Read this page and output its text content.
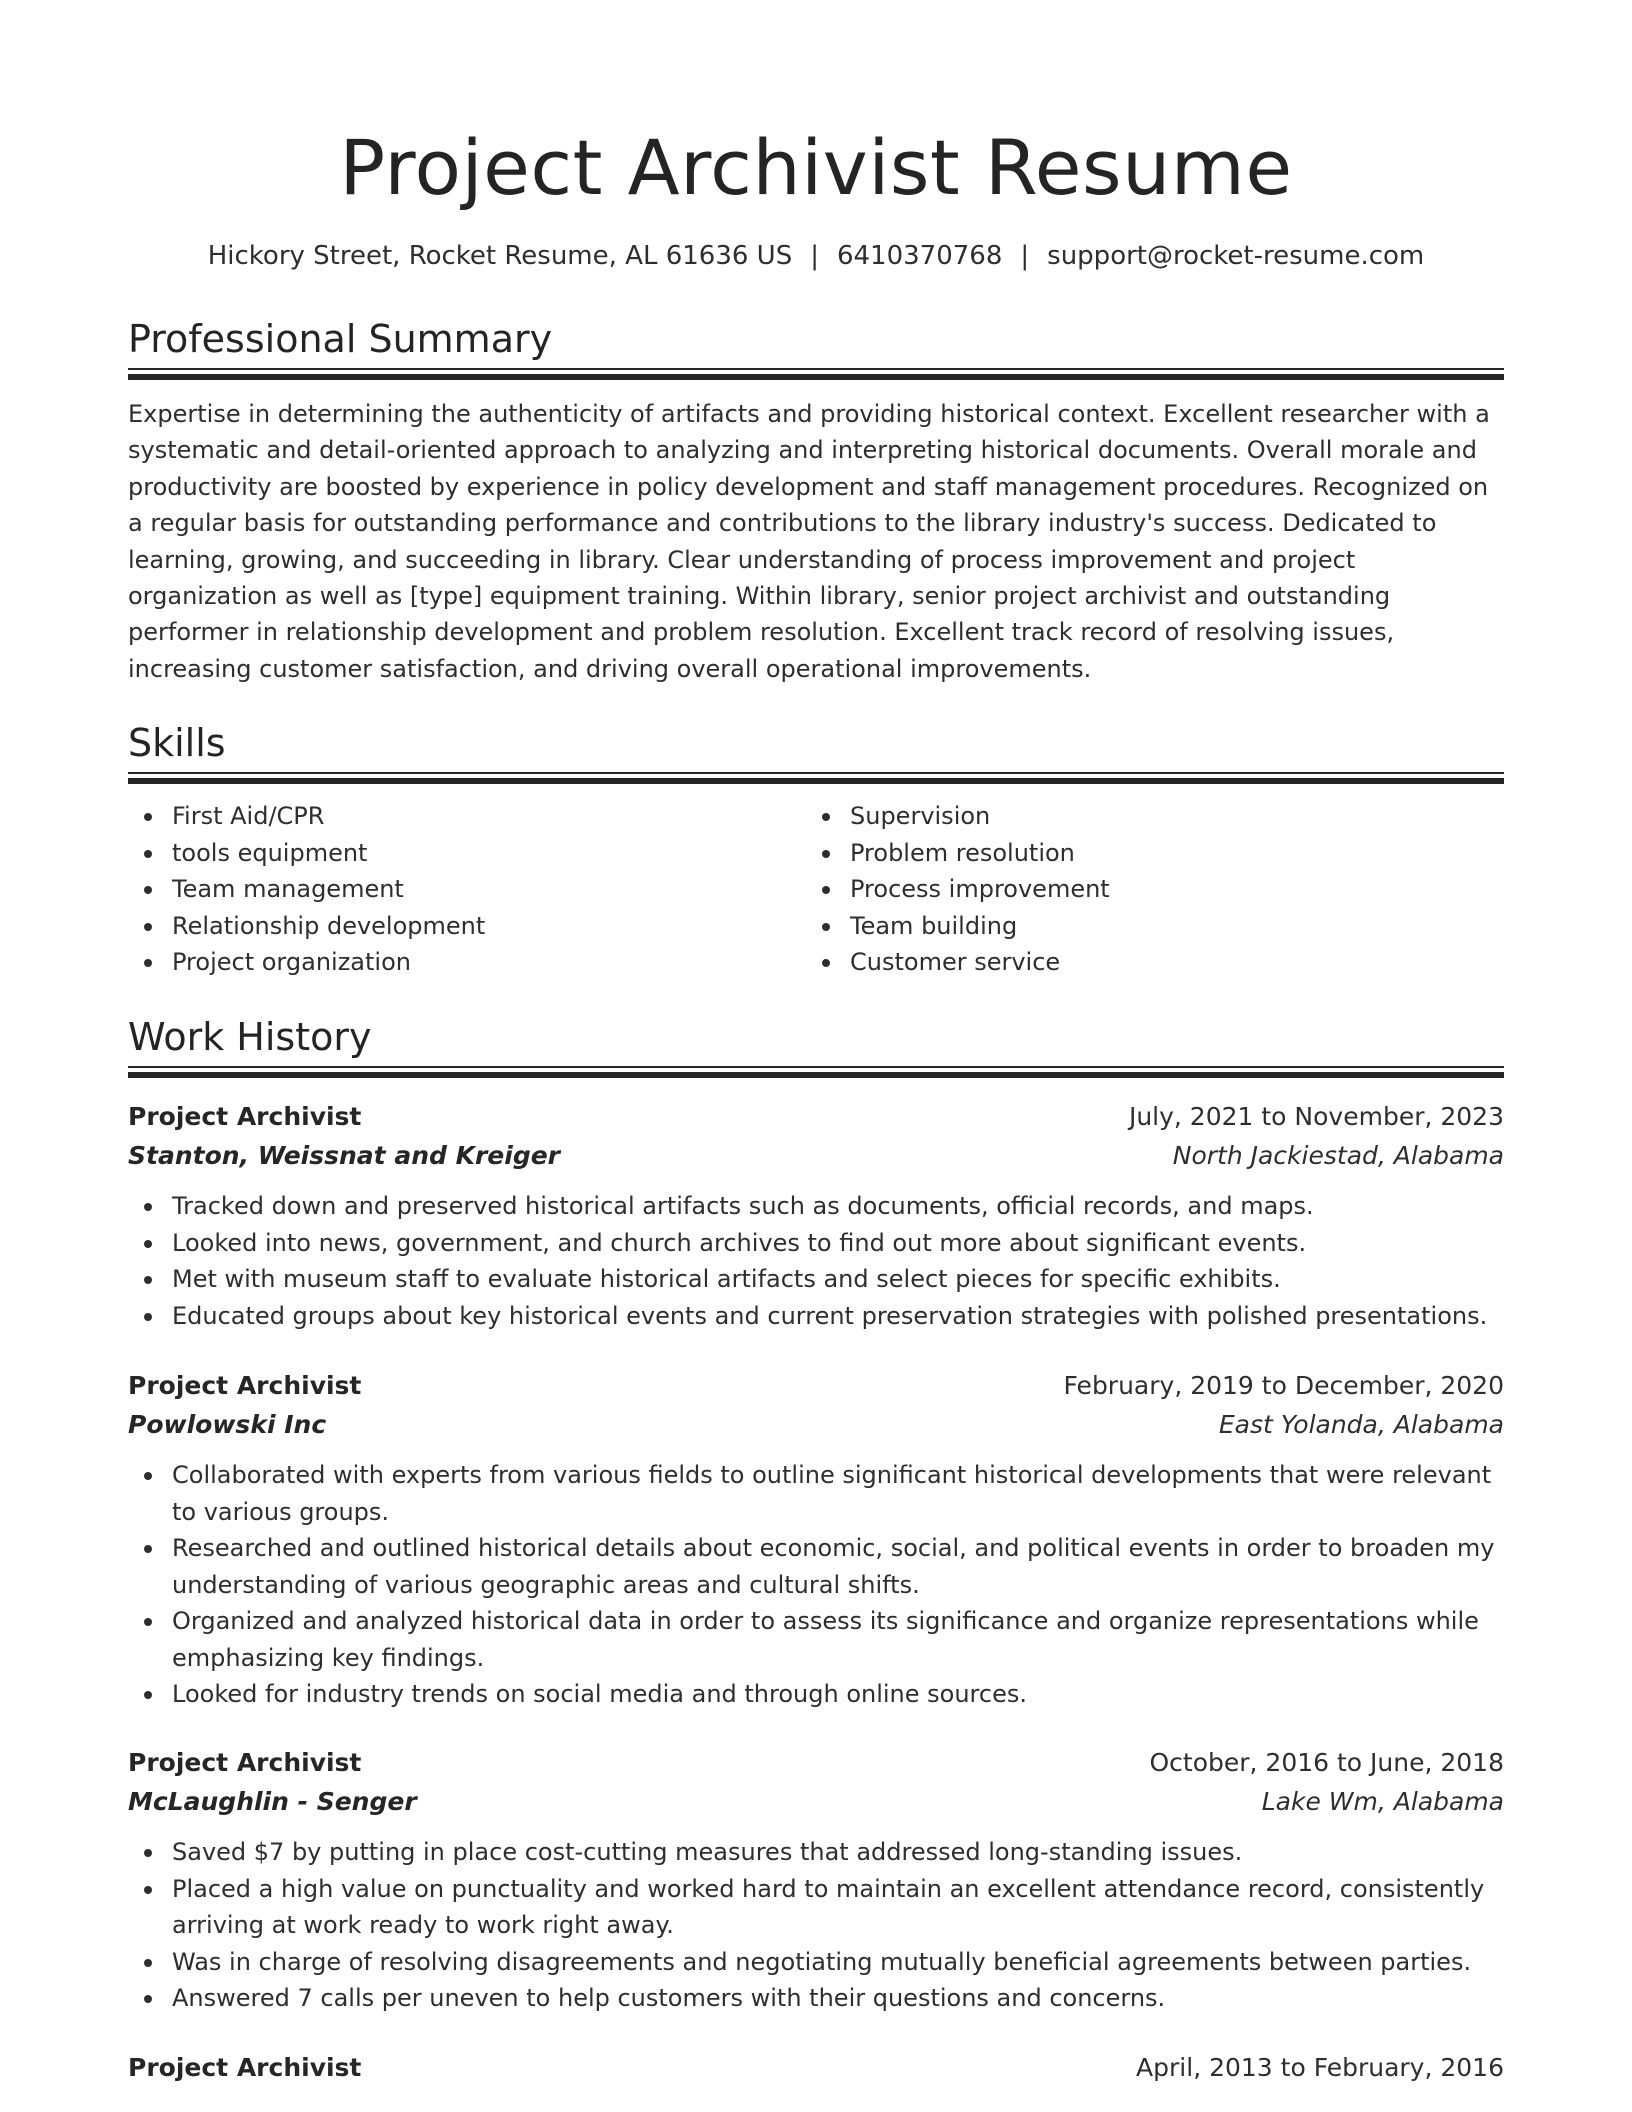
Project Archivist Resume
Hickory Street, Rocket Resume, AL 61636 US | 6410370768 | support@rocket-resume.com
Professional Summary

Expertise in determining the authenticity of artifacts and providing historical context. Excellent researcher with a systematic and detail-oriented approach to analyzing and interpreting historical documents. Overall morale and productivity are boosted by experience in policy development and staff management procedures. Recognized on a regular basis for outstanding performance and contributions to the library industry's success. Dedicated to learning, growing, and succeeding in library. Clear understanding of process improvement and project organization as well as [type] equipment training. Within library, senior project archivist and outstanding performer in relationship development and problem resolution. Excellent track record of resolving issues, increasing customer satisfaction, and driving overall operational improvements.

Skills
First Aid/CPR
tools equipment
Team management
Relationship development
Project organization
Supervision
Problem resolution
Process improvement
Team building
Customer service
Work History
Project Archivist	July, 2021 to November, 2023
Stanton, Weissnat and Kreiger	North Jackiestad, Alabama
Tracked down and preserved historical artifacts such as documents, official records, and maps.
Looked into news, government, and church archives to find out more about significant events.
Met with museum staff to evaluate historical artifacts and select pieces for specific exhibits.
Educated groups about key historical events and current preservation strategies with polished presentations.
Project Archivist	February, 2019 to December, 2020
Powlowski Inc	East Yolanda, Alabama
Collaborated with experts from various fields to outline significant historical developments that were relevant to various groups.
Researched and outlined historical details about economic, social, and political events in order to broaden my understanding of various geographic areas and cultural shifts.
Organized and analyzed historical data in order to assess its significance and organize representations while emphasizing key findings.
Looked for industry trends on social media and through online sources.
Project Archivist	October, 2016 to June, 2018
McLaughlin - Senger	Lake Wm, Alabama
Saved $7 by putting in place cost-cutting measures that addressed long-standing issues.
Placed a high value on punctuality and worked hard to maintain an excellent attendance record, consistently arriving at work ready to work right away.
Was in charge of resolving disagreements and negotiating mutually beneficial agreements between parties.
Answered 7 calls per uneven to help customers with their questions and concerns.
Project Archivist	April, 2013 to February, 2016
